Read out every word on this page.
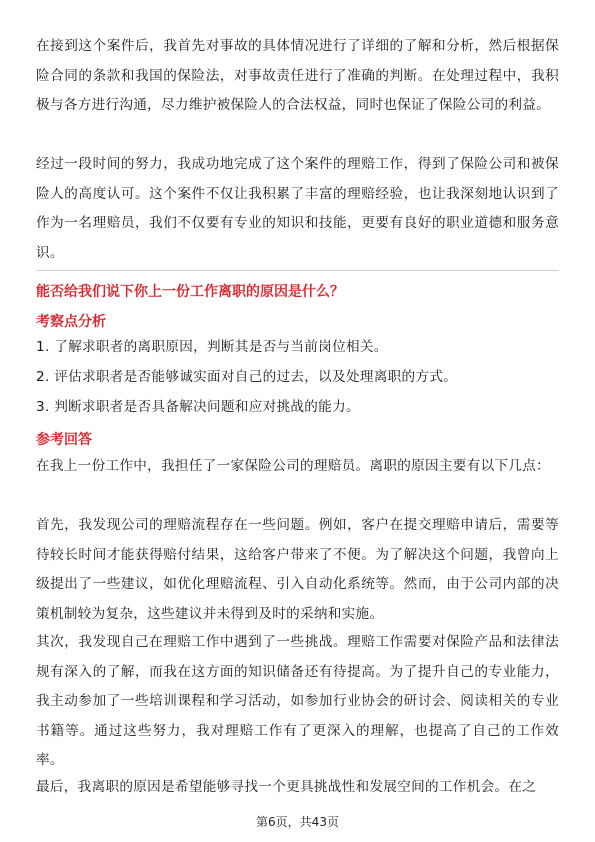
在接到这个案件后，我首先对事故的具体情况进行了详细的了解和分析，然后根据保险合同的条款和我国的保险法，对事故责任进行了准确的判断。在处理过程中，我积极与各方进行沟通，尽力维护被保险人的合法权益，同时也保证了保险公司的利益。

经过一段时间的努力，我成功地完成了这个案件的理赔工作，得到了保险公司和被保险人的高度认可。这个案件不仅让我积累了丰富的理赔经验，也让我深刻地认识到了作为一名理赔员，我们不仅要有专业的知识和技能，更要有良好的职业道德和服务意识。

能否给我们说下你上一份工作离职的原因是什么？

考察点分析

1. 了解求职者的离职原因，判断其是否与当前岗位相关。

2. 评估求职者是否能够诚实面对自己的过去，以及处理离职的方式。

3. 判断求职者是否具备解决问题和应对挑战的能力。

参考回答

在我上一份工作中，我担任了一家保险公司的理赔员。离职的原因主要有以下几点：

首先，我发现公司的理赔流程存在一些问题。例如，客户在提交理赔申请后，需要等待较长时间才能获得赔付结果，这给客户带来了不便。为了解决这个问题，我曾向上级提出了一些建议，如优化理赔流程、引入自动化系统等。然而，由于公司内部的决策机制较为复杂，这些建议并未得到及时的采纳和实施。

其次，我发现自己在理赔工作中遇到了一些挑战。理赔工作需要对保险产品和法律法规有深入的了解，而我在这方面的知识储备还有待提高。为了提升自己的专业能力，我主动参加了一些培训课程和学习活动，如参加行业协会的研讨会、阅读相关的专业书籍等。通过这些努力，我对理赔工作有了更深入的理解，也提高了自己的工作效率。

最后，我离职的原因是希望能够寻找一个更具挑战性和发展空间的工作机会。在之

第6页，共43页
